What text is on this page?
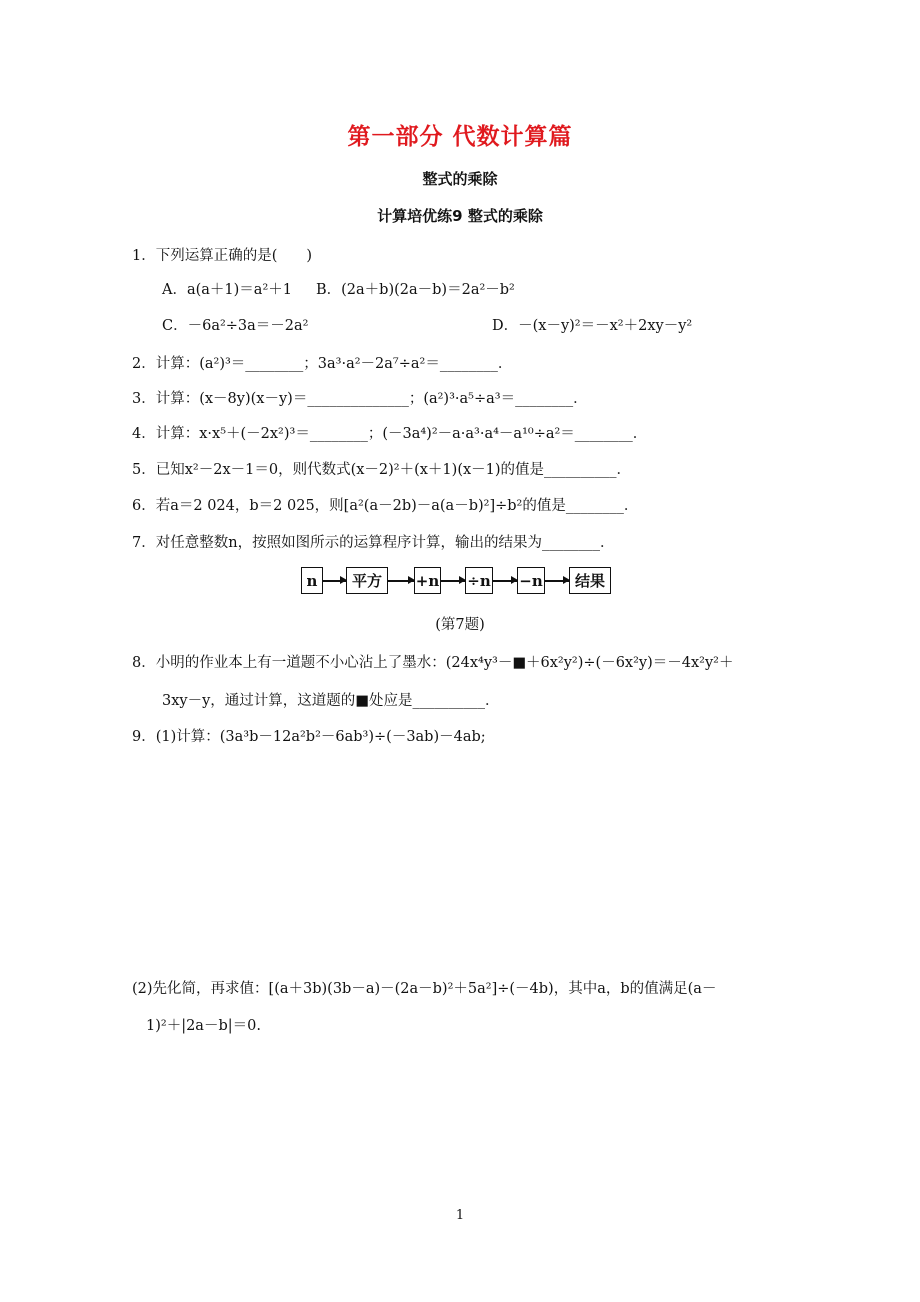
第一部分 代数计算篇
整式的乘除
计算培优练9 整式的乘除
1．下列运算正确的是(　　)
A．a(a＋1)＝a²＋1 B．(2a＋b)(2a－b)＝2a²－b²
C．－6a²÷3a＝－2a²	D．－(x－y)²＝－x²＋2xy－y²
2．计算：(a²)³＝________；3a³·a²－2a⁷÷a²＝________．
3．计算：(x－8y)(x－y)＝______________；(a²)³·a⁵÷a³＝________．
4．计算：x·x⁵＋(－2x²)³＝________；(－3a⁴)²－a·a³·a⁴－a¹⁰÷a²＝________．
5．已知x²－2x－1＝0，则代数式(x－2)²＋(x＋1)(x－1)的值是__________．
6．若a＝2 024，b＝2 025，则[a²(a－2b)－a(a－b)²]÷b²的值是________．
7．对任意整数n，按照如图所示的运算程序计算，输出的结果为________．
n	平方	+n ÷n −n	结果
(第7题)
8．小明的作业本上有一道题不小心沾上了墨水：(24x⁴y³－■＋6x²y²)÷(－6x²y)＝－4x²y²＋
3xy－y，通过计算，这道题的■处应是__________．
9．(1)计算：(3a³b－12a²b²－6ab³)÷(－3ab)－4ab;
(2)先化简，再求值：[(a＋3b)(3b－a)－(2a－b)²＋5a²]÷(－4b)，其中a，b的值满足(a－
1)²＋|2a－b|＝0.
1
